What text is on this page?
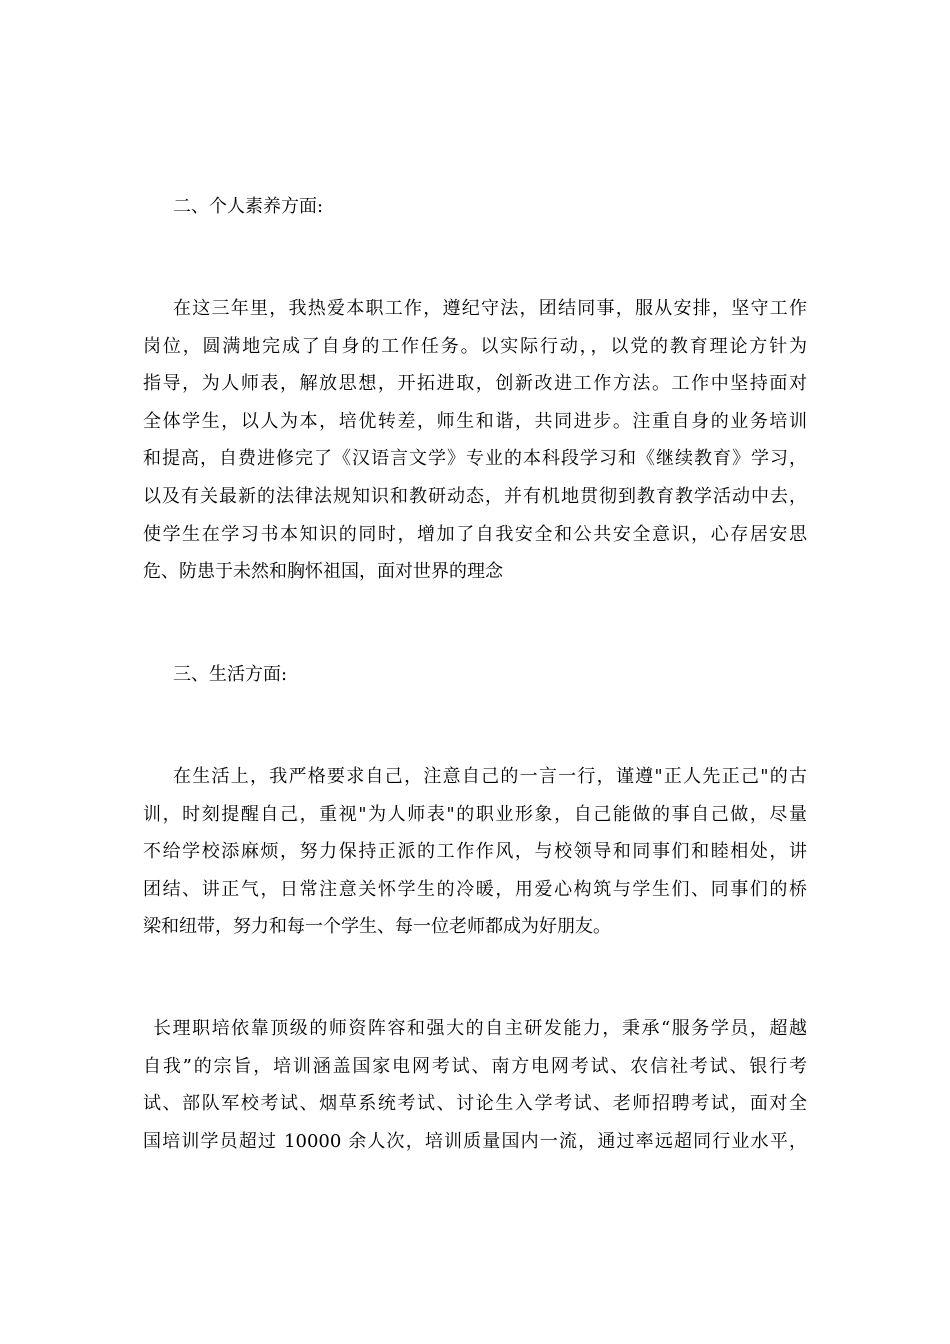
二、个人素养方面:
在这三年里，我热爱本职工作，遵纪守法，团结同事，服从安排，坚守工作
岗位，圆满地完成了自身的工作任务。以实际行动，，以党的教育理论方针为
指导，为人师表，解放思想，开拓进取，创新改进工作方法。工作中坚持面对
全体学生，以人为本，培优转差，师生和谐，共同进步。注重自身的业务培训
和提高，自费进修完了《汉语言文学》专业的本科段学习和《继续教育》学习，
以及有关最新的法律法规知识和教研动态，并有机地贯彻到教育教学活动中去，
使学生在学习书本知识的同时，增加了自我安全和公共安全意识，心存居安思
危、防患于未然和胸怀祖国，面对世界的理念
三、生活方面:
在生活上，我严格要求自己，注意自己的一言一行，谨遵"正人先正己"的古
训，时刻提醒自己，重视"为人师表"的职业形象，自己能做的事自己做，尽量
不给学校添麻烦，努力保持正派的工作作风，与校领导和同事们和睦相处，讲
团结、讲正气，日常注意关怀学生的冷暖，用爱心构筑与学生们、同事们的桥
梁和纽带，努力和每一个学生、每一位老师都成为好朋友。
长理职培依靠顶级的师资阵容和强大的自主研发能力，秉承“服务学员，超越
自我”的宗旨，培训涵盖国家电网考试、南方电网考试、农信社考试、银行考
试、部队军校考试、烟草系统考试、讨论生入学考试、老师招聘考试，面对全
国培训学员超过 10000 余人次，培训质量国内一流，通过率远超同行业水平，
